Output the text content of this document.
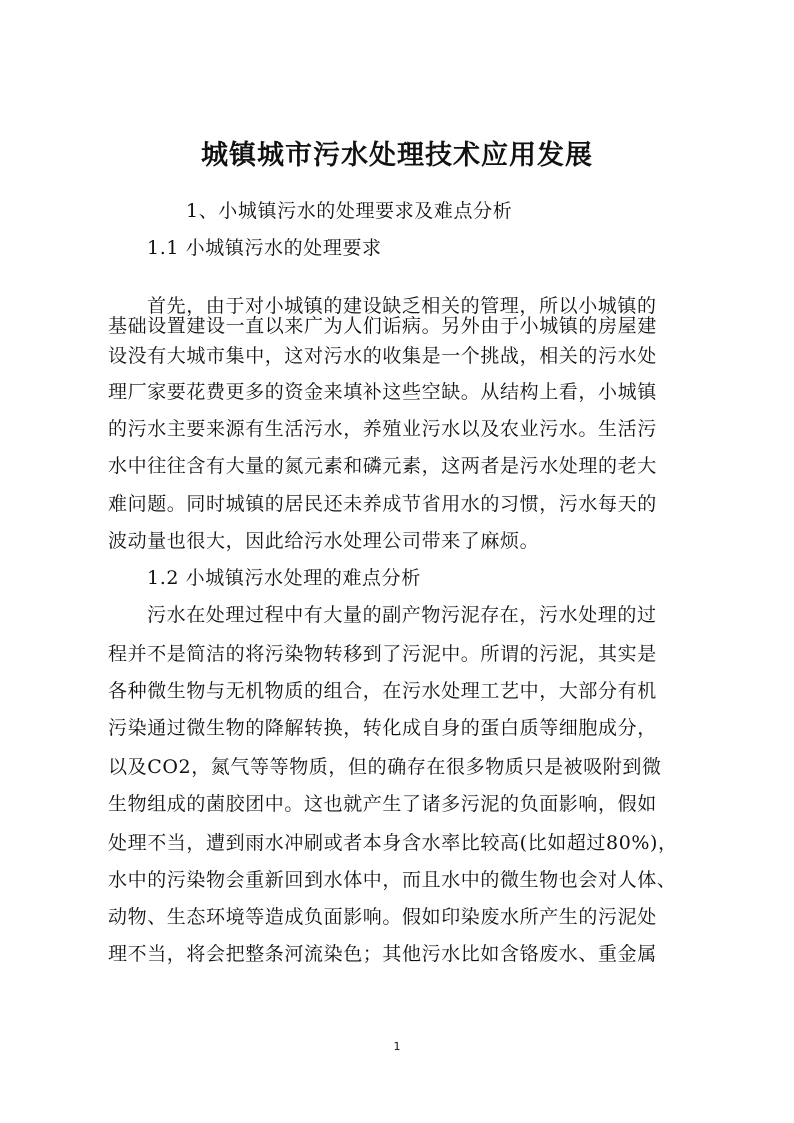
城镇城市污水处理技术应用发展
1、小城镇污水的处理要求及难点分析
1.1 小城镇污水的处理要求
首先，由于对小城镇的建设缺乏相关的管理，所以小城镇的
基础设置建设一直以来广为人们诟病。另外由于小城镇的房屋建
设没有大城市集中，这对污水的收集是一个挑战，相关的污水处
理厂家要花费更多的资金来填补这些空缺。从结构上看，小城镇
的污水主要来源有生活污水，养殖业污水以及农业污水。生活污
水中往往含有大量的氮元素和磷元素，这两者是污水处理的老大
难问题。同时城镇的居民还未养成节省用水的习惯，污水每天的
波动量也很大，因此给污水处理公司带来了麻烦。
1.2 小城镇污水处理的难点分析
污水在处理过程中有大量的副产物污泥存在，污水处理的过
程并不是简洁的将污染物转移到了污泥中。所谓的污泥，其实是
各种微生物与无机物质的组合，在污水处理工艺中，大部分有机
污染通过微生物的降解转换，转化成自身的蛋白质等细胞成分，
以及CO2，氮气等等物质，但的确存在很多物质只是被吸附到微
生物组成的菌胶团中。这也就产生了诸多污泥的负面影响，假如
处理不当，遭到雨水冲刷或者本身含水率比较高(比如超过80%)，
水中的污染物会重新回到水体中，而且水中的微生物也会对人体、
动物、生态环境等造成负面影响。假如印染废水所产生的污泥处
理不当，将会把整条河流染色；其他污水比如含铬废水、重金属
1
